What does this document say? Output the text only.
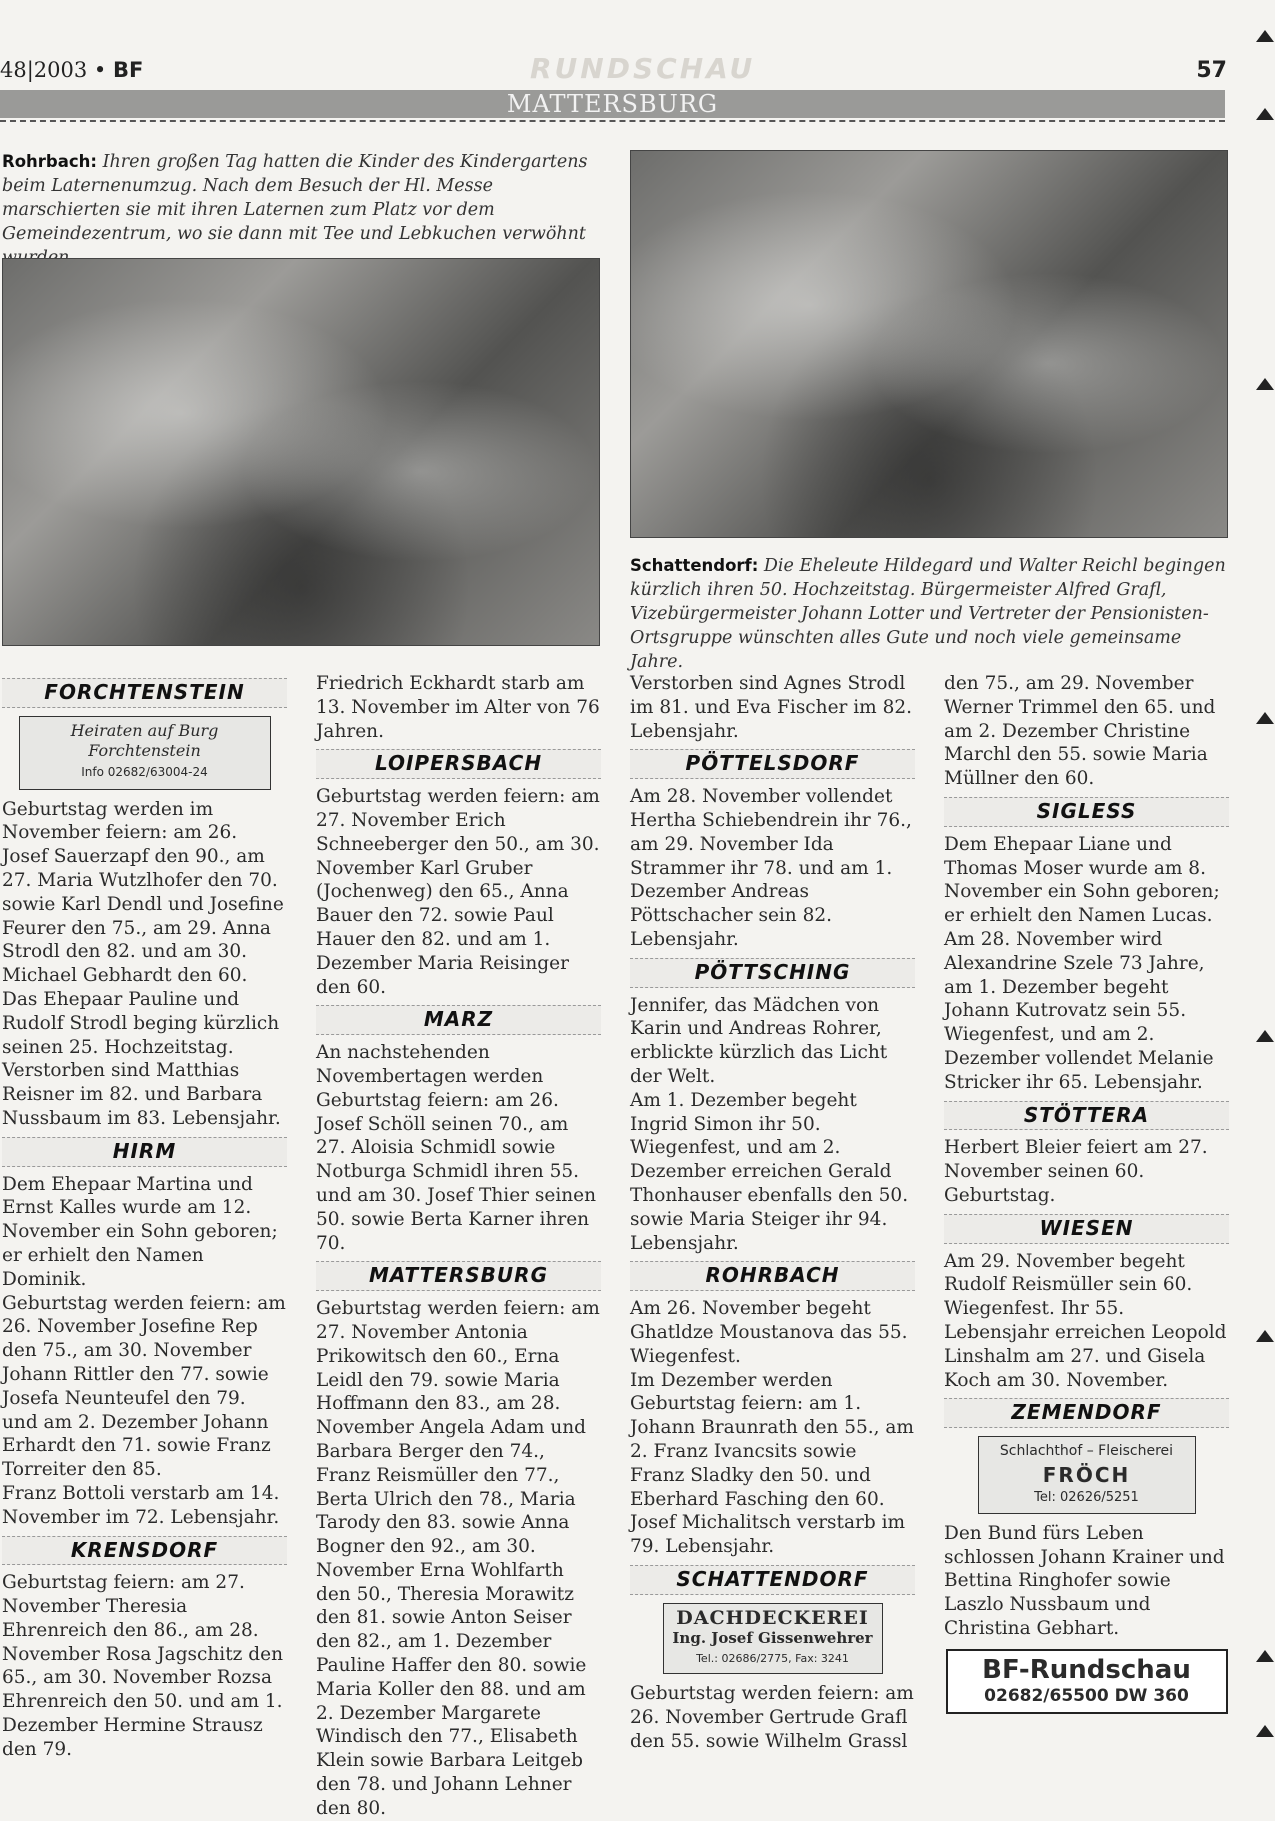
48|2003 • BF	RUNDSCHAU	57
MATTERSBURG
Rohrbach: Ihren großen Tag hatten die Kinder des Kindergartens beim Laternenumzug. Nach dem Besuch der Hl. Messe marschierten sie mit ihren Laternen zum Platz vor dem Gemeindezentrum, wo sie dann mit Tee und Lebkuchen verwöhnt
Schattendorf: Die Eheleute Hildegard und Walter Reichl begingen kürzlich ihren 50. Hochzeitstag. Bürgermeister Alfred Grafl, Vizebürgermeister Johann Lotter und Vertreter der Pensionisten-Ortsgruppe wünschten alles Gute und noch viele gemeinsame Jahre.
FORCHTENSTEIN
Heiraten auf Burg
Forchtenstein
Info 02682/63004-24

Geburtstag werden im November feiern: am 26. Josef Sauerzapf den 90., am 27. Maria Wutzlhofer den 70. sowie Karl Dendl und Josefine Feurer den 75., am 29. Anna Strodl den 82. und am 30. Michael Gebhardt den 60.

Das Ehepaar Pauline und Rudolf Strodl beging kürzlich seinen 25. Hochzeitstag.

Verstorben sind Matthias Reisner im 82. und Barbara Nussbaum im 83. Lebensjahr.

HIRM

Dem Ehepaar Martina und Ernst Kalles wurde am 12. November ein Sohn geboren; er erhielt den Namen Dominik.

Geburtstag werden feiern: am 26. November Josefine Rep den 75., am 30. November Johann Rittler den 77. sowie Josefa Neunteufel den 79. und am 2. Dezember Johann Erhardt den 71. sowie Franz Torreiter den 85.

Franz Bottoli verstarb am 14. November im 72. Lebensjahr.

KRENSDORF

Geburtstag feiern: am 27. November Theresia Ehrenreich den 86., am 28. November Rosa Jagschitz den 65., am 30. November Rozsa Ehrenreich den 50. und am 1. Dezember Hermine Strausz den 79.

Friedrich Eckhardt starb am 13. November im Alter von 76 Jahren.

LOIPERSBACH

Geburtstag werden feiern: am 27. November Erich Schneeberger den 50., am 30. November Karl Gruber (Jochenweg) den 65., Anna Bauer den 72. sowie Paul Hauer den 82. und am 1. Dezember Maria Reisinger den 60.

MARZ

An nachstehenden Novembertagen werden Geburtstag feiern: am 26. Josef Schöll seinen 70., am 27. Aloisia Schmidl sowie Notburga Schmidl ihren 55. und am 30. Josef Thier seinen 50. sowie Berta Karner ihren 70.

MATTERSBURG

Geburtstag werden feiern: am 27. November Antonia Prikowitsch den 60., Erna Leidl den 79. sowie Maria Hoffmann den 83., am 28. November Angela Adam und Barbara Berger den 74., Franz Reismüller den 77., Berta Ulrich den 78., Maria Tarody den 83. sowie Anna Bogner den 92., am 30. November Erna Wohlfarth den 50., Theresia Morawitz den 81. sowie Anton Seiser den 82., am 1. Dezember Pauline Haffer den 80. sowie Maria Koller den 88. und am 2. Dezember Margarete Windisch den 77., Elisabeth Klein sowie Barbara Leitgeb den 78. und Johann Lehner den 80.

Verstorben sind Agnes Strodl im 81. und Eva Fischer im 82. Lebensjahr.

PÖTTELSDORF

Am 28. November vollendet Hertha Schiebendrein ihr 76., am 29. November Ida Strammer ihr 78. und am 1. Dezember Andreas Pöttschacher sein 82. Lebensjahr.

PÖTTSCHING

Jennifer, das Mädchen von Karin und Andreas Rohrer, erblickte kürzlich das Licht der Welt.

Am 1. Dezember begeht Ingrid Simon ihr 50. Wiegenfest, und am 2. Dezember erreichen Gerald Thonhauser ebenfalls den 50. sowie Maria Steiger ihr 94. Lebensjahr.

ROHRBACH

Am 26. November begeht Ghatldze Moustanova das 55. Wiegenfest.

Im Dezember werden Geburtstag feiern: am 1. Johann Braunrath den 55., am 2. Franz Ivancsits sowie Franz Sladky den 50. und Eberhard Fasching den 60.

Josef Michalitsch verstarb im 79. Lebensjahr.

SCHATTENDORF
DACHDECKEREI
Ing. Josef Gissenwehrer
Tel.: 02686/2775, Fax: 3241

Geburtstag werden feiern: am 26. November Gertrude Grafl den 55. sowie Wilhelm Grassl

den 75., am 29. November Werner Trimmel den 65. und am 2. Dezember Christine Marchl den 55. sowie Maria Müllner den 60.

SIGLESS

Dem Ehepaar Liane und Thomas Moser wurde am 8. November ein Sohn geboren; er erhielt den Namen Lucas.

Am 28. November wird Alexandrine Szele 73 Jahre, am 1. Dezember begeht Johann Kutrovatz sein 55. Wiegenfest, und am 2. Dezember vollendet Melanie Stricker ihr 65. Lebensjahr.

STÖTTERA

Herbert Bleier feiert am 27. November seinen 60. Geburtstag.

WIESEN

Am 29. November begeht Rudolf Reismüller sein 60. Wiegenfest. Ihr 55. Lebensjahr erreichen Leopold Linshalm am 27. und Gisela Koch am 30. November.

ZEMENDORF
Schlachthof – Fleischerei
FRÖCH
Tel: 02626/5251

Den Bund fürs Leben schlossen Johann Krainer und Bettina Ringhofer sowie Laszlo Nussbaum und Christina Gebhart.

BF-Rundschau
02682/65500 DW 360
